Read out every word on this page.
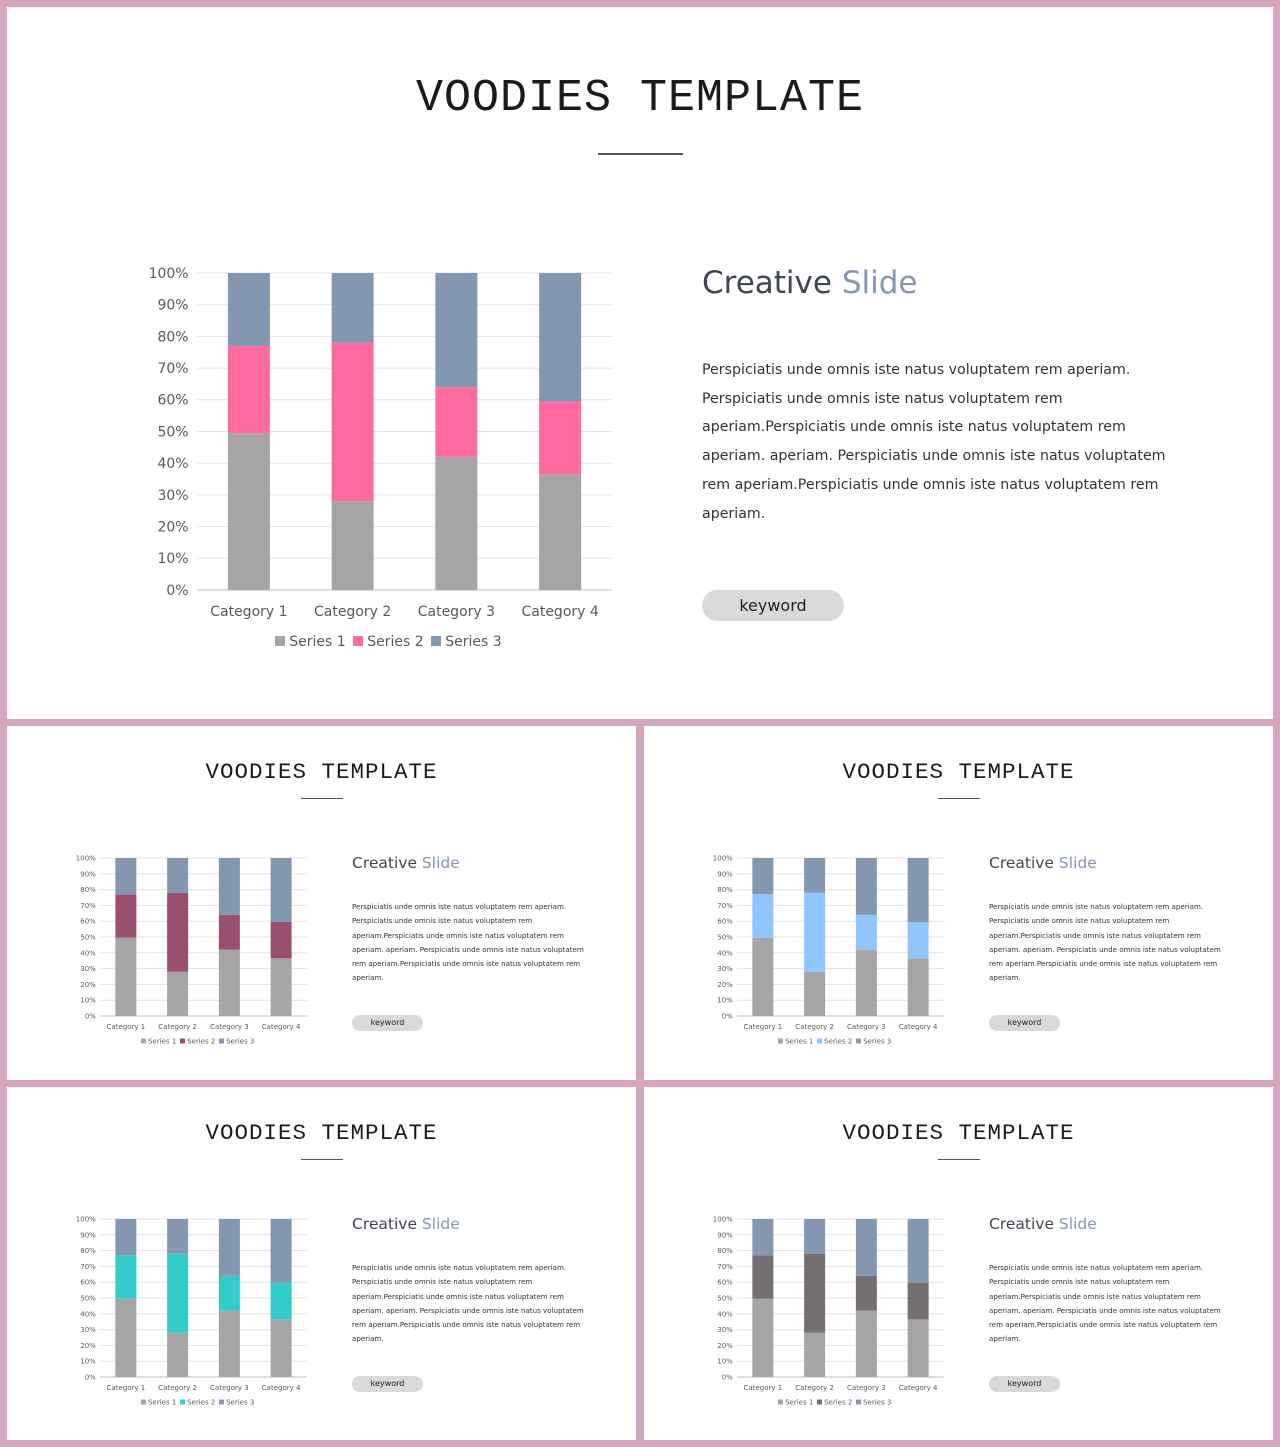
VOODIES TEMPLATE
0%
10%
20%
30%
40%
50%
60%
70%
80%
90%
100%
Category 1 Category 2 Category 3 Category 4
Series 1 Series 2 Series 3
Creative Slide
Perspiciatis unde omnis iste natus voluptatem rem aperiam. Perspiciatis unde omnis iste natus voluptatem rem aperiam.Perspiciatis unde omnis iste natus voluptatem rem aperiam. aperiam. Perspiciatis unde omnis iste natus voluptatem rem aperiam.Perspiciatis unde omnis iste natus voluptatem rem aperiam.
keyword
VOODIES TEMPLATE
0%
10%
20%
30%
40%
50%
60%
70%
80%
90%
100%
Category 1 Category 2 Category 3 Category 4
Series 1 Series 2 Series 3
Creative Slide
Perspiciatis unde omnis iste natus voluptatem rem aperiam. Perspiciatis unde omnis iste natus voluptatem rem aperiam.Perspiciatis unde omnis iste natus voluptatem rem aperiam. aperiam. Perspiciatis unde omnis iste natus voluptatem rem aperiam.Perspiciatis unde omnis iste natus voluptatem rem aperiam.
keyword
VOODIES TEMPLATE
0%
10%
20%
30%
40%
50%
60%
70%
80%
90%
100%
Category 1 Category 2 Category 3 Category 4
Series 1 Series 2 Series 3
Creative Slide
Perspiciatis unde omnis iste natus voluptatem rem aperiam. Perspiciatis unde omnis iste natus voluptatem rem aperiam.Perspiciatis unde omnis iste natus voluptatem rem aperiam. aperiam. Perspiciatis unde omnis iste natus voluptatem rem aperiam.Perspiciatis unde omnis iste natus voluptatem rem aperiam.
keyword
VOODIES TEMPLATE
0%
10%
20%
30%
40%
50%
60%
70%
80%
90%
100%
Category 1 Category 2 Category 3 Category 4
Series 1 Series 2 Series 3
Creative Slide
Perspiciatis unde omnis iste natus voluptatem rem aperiam. Perspiciatis unde omnis iste natus voluptatem rem aperiam.Perspiciatis unde omnis iste natus voluptatem rem aperiam. aperiam. Perspiciatis unde omnis iste natus voluptatem rem aperiam.Perspiciatis unde omnis iste natus voluptatem rem aperiam.
keyword
VOODIES TEMPLATE
0%
10%
20%
30%
40%
50%
60%
70%
80%
90%
100%
Category 1 Category 2 Category 3 Category 4
Series 1 Series 2 Series 3
Creative Slide
Perspiciatis unde omnis iste natus voluptatem rem aperiam. Perspiciatis unde omnis iste natus voluptatem rem aperiam.Perspiciatis unde omnis iste natus voluptatem rem aperiam. aperiam. Perspiciatis unde omnis iste natus voluptatem rem aperiam.Perspiciatis unde omnis iste natus voluptatem rem aperiam.
keyword
